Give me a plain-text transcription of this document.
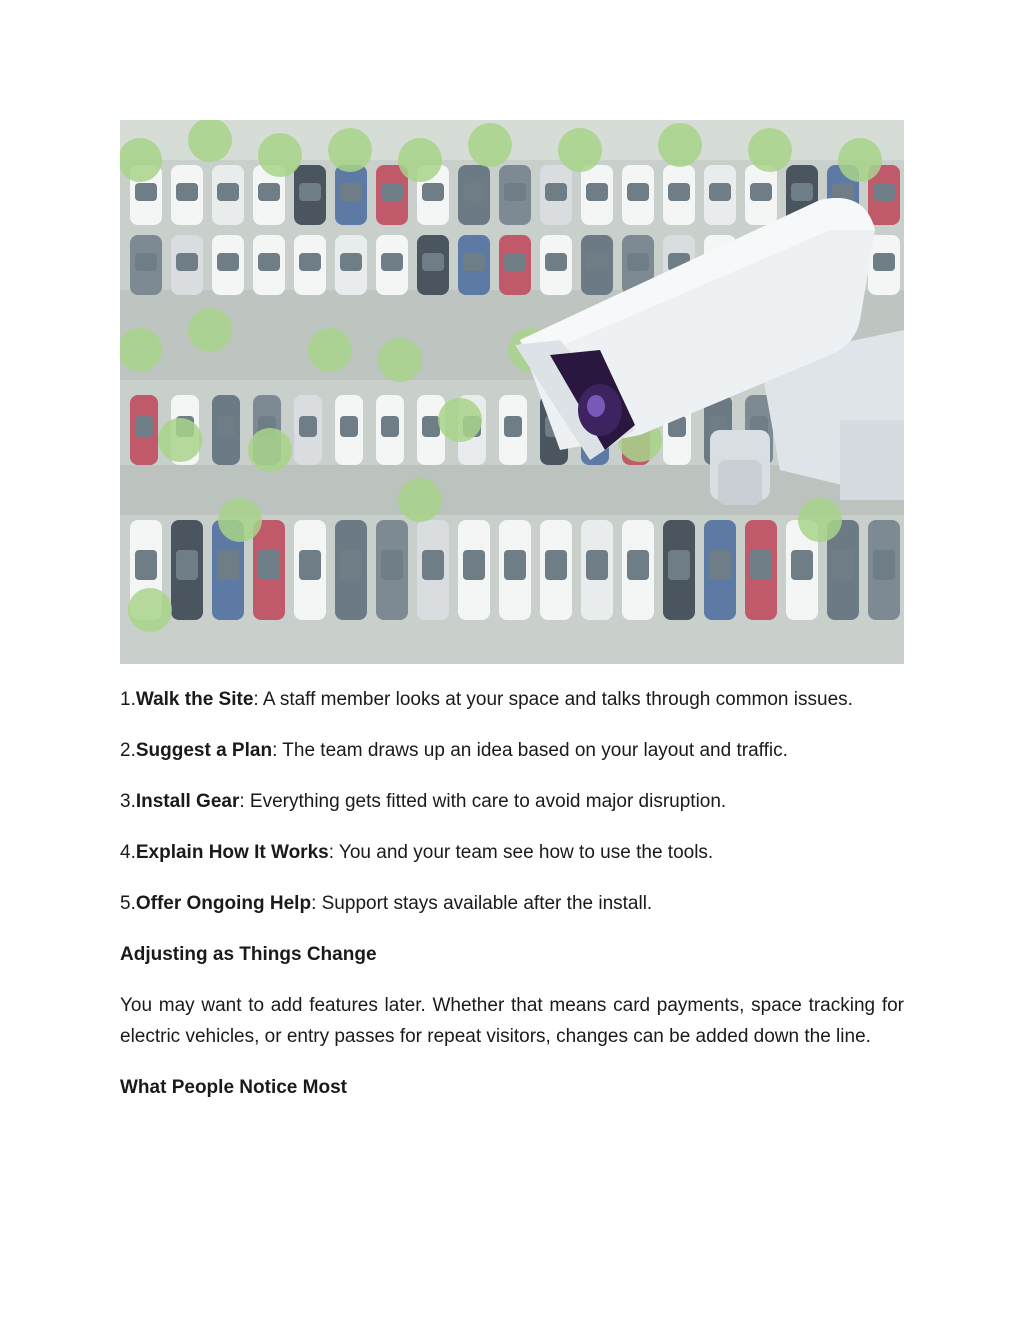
1.Walk the Site: A staff member looks at your space and talks through common issues.
2.Suggest a Plan: The team draws up an idea based on your layout and traffic.
3.Install Gear: Everything gets fitted with care to avoid major disruption.
4.Explain How It Works: You and your team see how to use the tools.
5.Offer Ongoing Help: Support stays available after the install.
Adjusting as Things Change
You may want to add features later. Whether that means card payments, space tracking for electric vehicles, or entry passes for repeat visitors, changes can be added down the line.
What People Notice Most
